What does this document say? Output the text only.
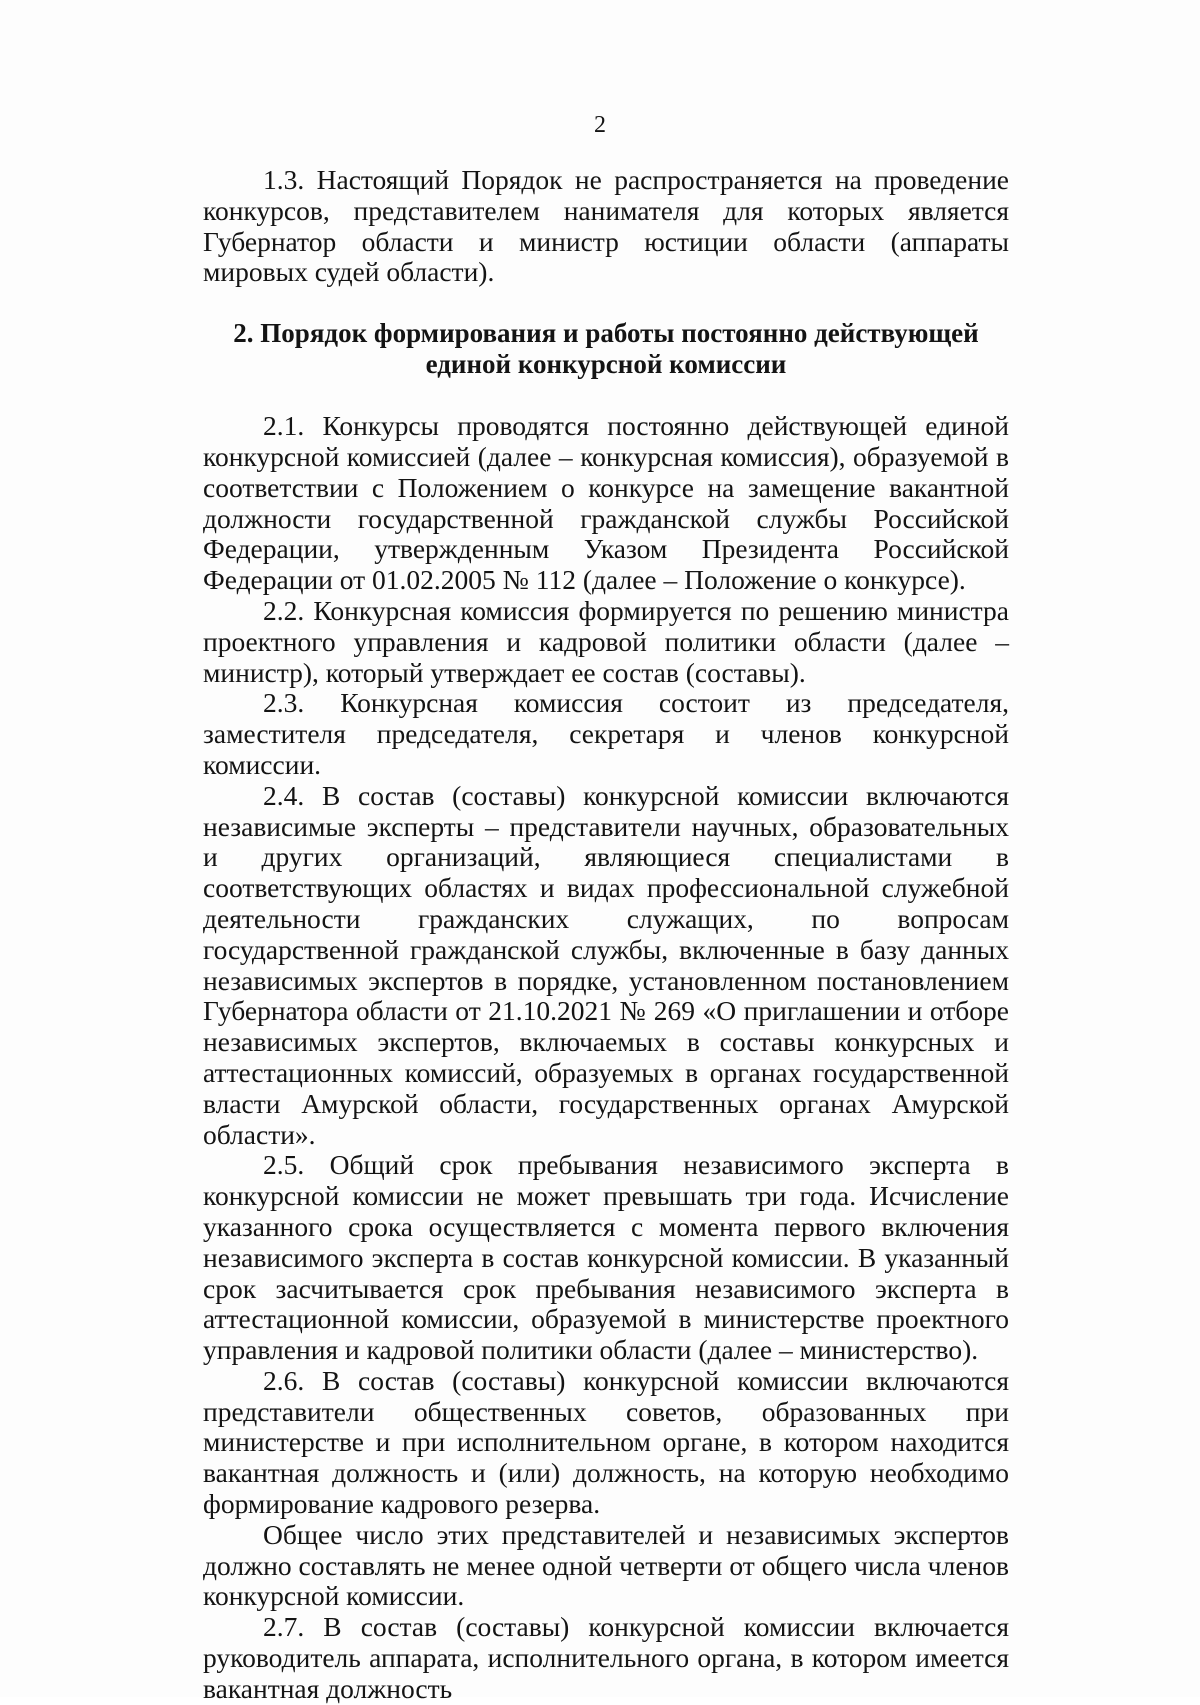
2

1.3. Настоящий Порядок не распространяется на проведение конкурсов, представителем нанимателя для которых является Губернатор области и министр юстиции области (аппараты мировых судей области).

2. Порядок формирования и работы постоянно действующей единой конкурсной комиссии

2.1. Конкурсы проводятся постоянно действующей единой конкурсной комиссией (далее – конкурсная комиссия), образуемой в соответствии с Положением о конкурсе на замещение вакантной должности государственной гражданской службы Российской Федерации, утвержденным Указом Президента Российской Федерации от 01.02.2005 № 112 (далее – Положение о конкурсе).

2.2. Конкурсная комиссия формируется по решению министра проектного управления и кадровой политики области (далее – министр), который утверждает ее состав (составы).

2.3. Конкурсная комиссия состоит из председателя, заместителя председателя, секретаря и членов конкурсной комиссии.

2.4. В состав (составы) конкурсной комиссии включаются независимые эксперты – представители научных, образовательных и других организаций, являющиеся специалистами в соответствующих областях и видах профессиональной служебной деятельности гражданских служащих, по вопросам государственной гражданской службы, включенные в базу данных независимых экспертов в порядке, установленном постановлением Губернатора области от 21.10.2021 № 269 «О приглашении и отборе независимых экспертов, включаемых в составы конкурсных и аттестационных комиссий, образуемых в органах государственной власти Амурской области, государственных органах Амурской области».

2.5. Общий срок пребывания независимого эксперта в конкурсной комиссии не может превышать три года. Исчисление указанного срока осуществляется с момента первого включения независимого эксперта в состав конкурсной комиссии. В указанный срок засчитывается срок пребывания независимого эксперта в аттестационной комиссии, образуемой в министерстве проектного управления и кадровой политики области (далее – министерство).

2.6. В состав (составы) конкурсной комиссии включаются представители общественных советов, образованных при министерстве и при исполнительном органе, в котором находится вакантная должность и (или) должность, на которую необходимо формирование кадрового резерва.

Общее число этих представителей и независимых экспертов должно составлять не менее одной четверти от общего числа членов конкурсной комиссии.

2.7. В состав (составы) конкурсной комиссии включается руководитель аппарата, исполнительного органа, в котором имеется вакантная должность
